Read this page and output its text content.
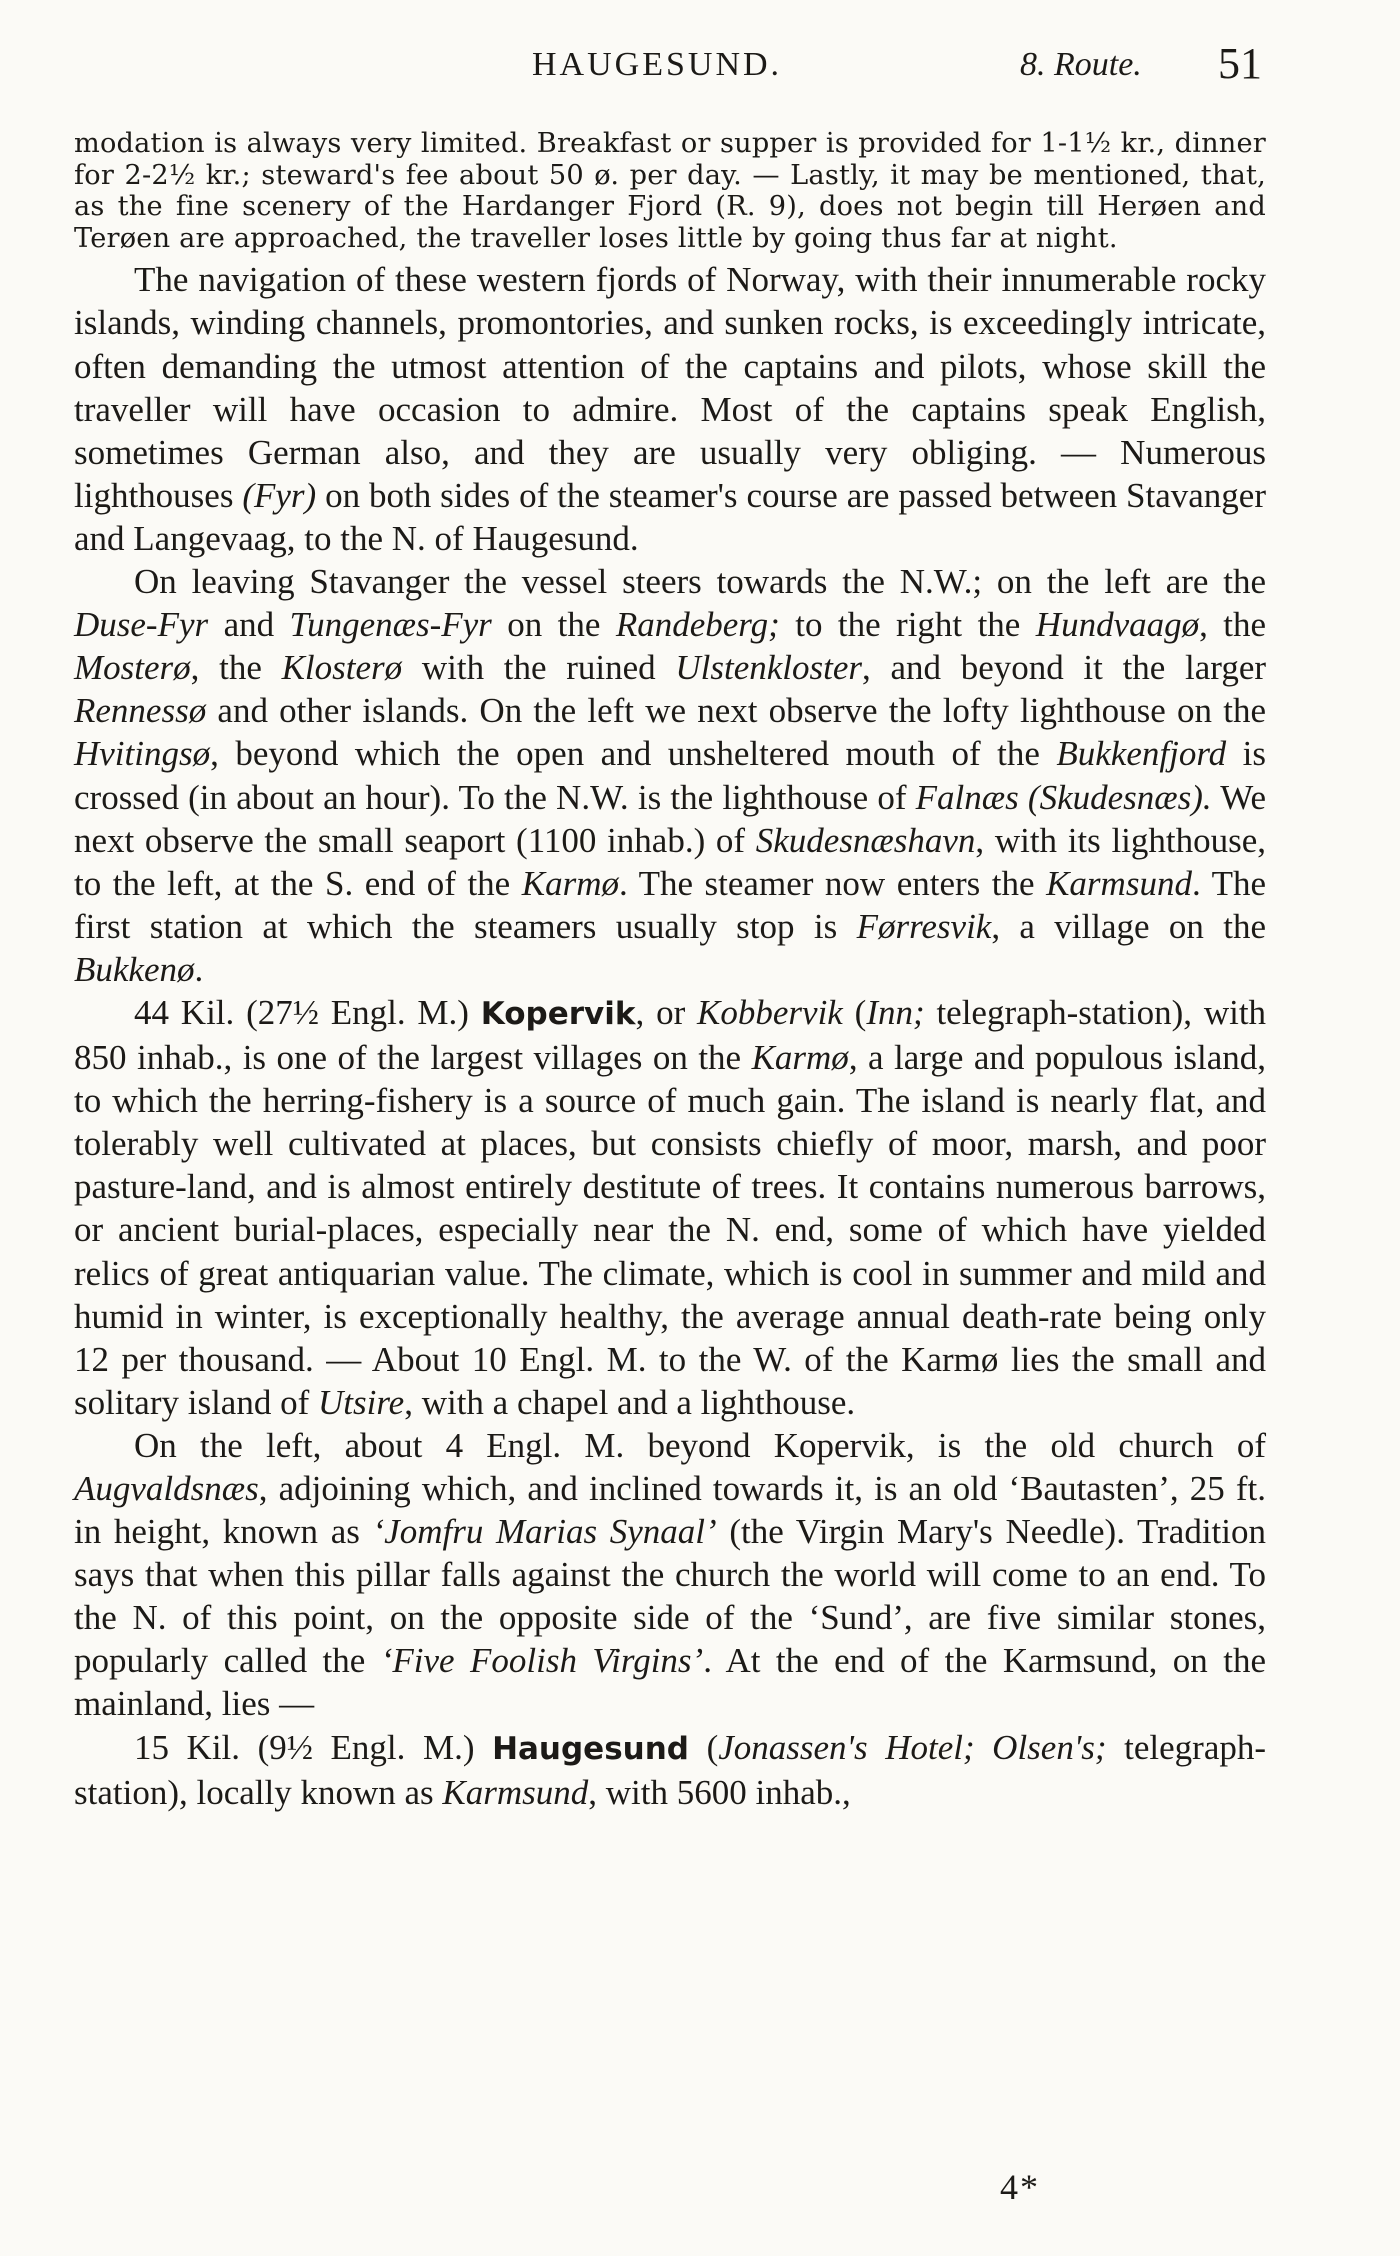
HAUGESUND.	8. Route. 51

modation is always very limited. Breakfast or supper is provided for 1-1½ kr., dinner for 2-2½ kr.; steward's fee about 50 ø. per day. — Lastly, it may be mentioned, that, as the fine scenery of the Hardanger Fjord (R. 9), does not begin till Herøen and Terøen are approached, the traveller loses little by going thus far at night.

The navigation of these western fjords of Norway, with their innumerable rocky islands, winding channels, promontories, and sunken rocks, is exceedingly intricate, often demanding the utmost attention of the captains and pilots, whose skill the traveller will have occasion to admire. Most of the captains speak English, sometimes German also, and they are usually very obliging. — Numerous lighthouses (Fyr) on both sides of the steamer's course are passed between Stavanger and Langevaag, to the N. of Haugesund.

On leaving Stavanger the vessel steers towards the N.W.; on the left are the Duse-Fyr and Tungenæs-Fyr on the Randeberg; to the right the Hundvaagø, the Mosterø, the Klosterø with the ruined Ulstenkloster, and beyond it the larger Rennessø and other islands. On the left we next observe the lofty lighthouse on the Hvitingsø, beyond which the open and unsheltered mouth of the Bukkenfjord is crossed (in about an hour). To the N.W. is the lighthouse of Falnæs (Skudesnæs). We next observe the small seaport (1100 inhab.) of Skudesnæshavn, with its lighthouse, to the left, at the S. end of the Karmø. The steamer now enters the Karmsund. The first station at which the steamers usually stop is Førresvik, a village on the Bukkenø.

44 Kil. (27½ Engl. M.) Kopervik, or Kobbervik (Inn; telegraph-station), with 850 inhab., is one of the largest villages on the Karmø, a large and populous island, to which the herring-fishery is a source of much gain. The island is nearly flat, and tolerably well cultivated at places, but consists chiefly of moor, marsh, and poor pasture-land, and is almost entirely destitute of trees. It contains numerous barrows, or ancient burial-places, especially near the N. end, some of which have yielded relics of great antiquarian value. The climate, which is cool in summer and mild and humid in winter, is exceptionally healthy, the average annual death-rate being only 12 per thousand. — About 10 Engl. M. to the W. of the Karmø lies the small and solitary island of Utsire, with a chapel and a lighthouse.

On the left, about 4 Engl. M. beyond Kopervik, is the old church of Augvaldsnæs, adjoining which, and inclined towards it, is an old ‘Bautasten’, 25 ft. in height, known as ‘Jomfru Marias Synaal’ (the Virgin Mary's Needle). Tradition says that when this pillar falls against the church the world will come to an end. To the N. of this point, on the opposite side of the ‘Sund’, are five similar stones, popularly called the ‘Five Foolish Virgins’. At the end of the Karmsund, on the mainland, lies —

15 Kil. (9½ Engl. M.) Haugesund (Jonassen's Hotel; Olsen's; telegraph-station), locally known as Karmsund, with 5600 inhab.,

4*
